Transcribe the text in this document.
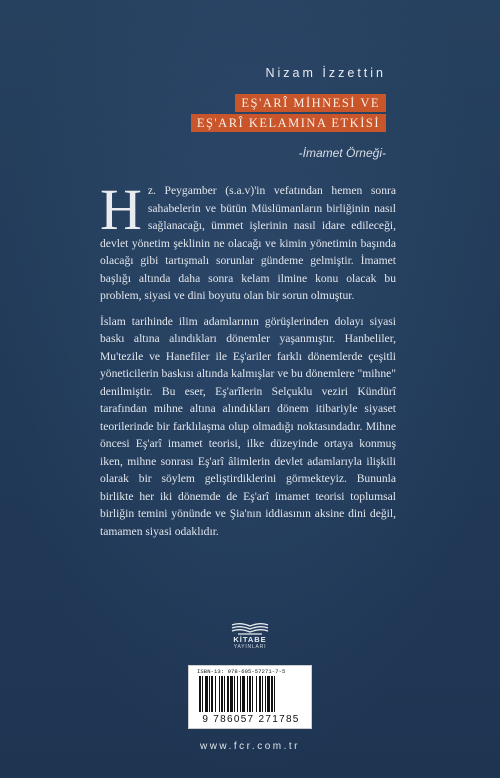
Nizam İzzettin
EŞ'ARÎ MİHNESİ VE
EŞ'ARÎ KELAMINA ETKİSİ
-İmamet Örneği-

H z. Peygamber (s.a.v)'in vefatından hemen sonra sahabelerin ve bütün Müslümanların birliğinin nasıl sağlanacağı, ümmet işlerinin nasıl idare edileceği, devlet yönetim şeklinin ne olacağı ve kimin yönetimin başında olacağı gibi tartışmalı sorunlar gündeme gelmiştir. İmamet başlığı altında daha sonra kelam ilmine konu olacak bu problem, siyasi ve dini boyutu olan bir sorun olmuştur.

İslam tarihinde ilim adamlarının görüşlerinden dolayı siyasi baskı altına alındıkları dönemler yaşanmıştır. Hanbeliler, Mu'tezile ve Hanefiler ile Eş'ariler farklı dönemlerde çeşitli yöneticilerin baskısı altında kalmışlar ve bu dönemlere "mihne" denilmiştir. Bu eser, Eş'arîlerin Selçuklu veziri Kündürî tarafından mihne altına alındıkları dönem itibariyle siyaset teorilerinde bir farklılaşma olup olmadığı noktasındadır. Mihne öncesi Eş'arî imamet teorisi, ilke düzeyinde ortaya konmuş iken, mihne sonrası Eş'arî âlimlerin devlet adamlarıyla ilişkili olarak bir söylem geliştirdiklerini görmekteyiz. Bununla birlikte her iki dönemde de Eş'arî imamet teorisi toplumsal birliğin temini yönünde ve Şia'nın iddiasının aksine dini değil, tamamen siyasi odaklıdır.

KİTABE
YAYINLARI
ISBN-13: 978-605-57271-7-5
9 786057 271785
www.fcr.com.tr
